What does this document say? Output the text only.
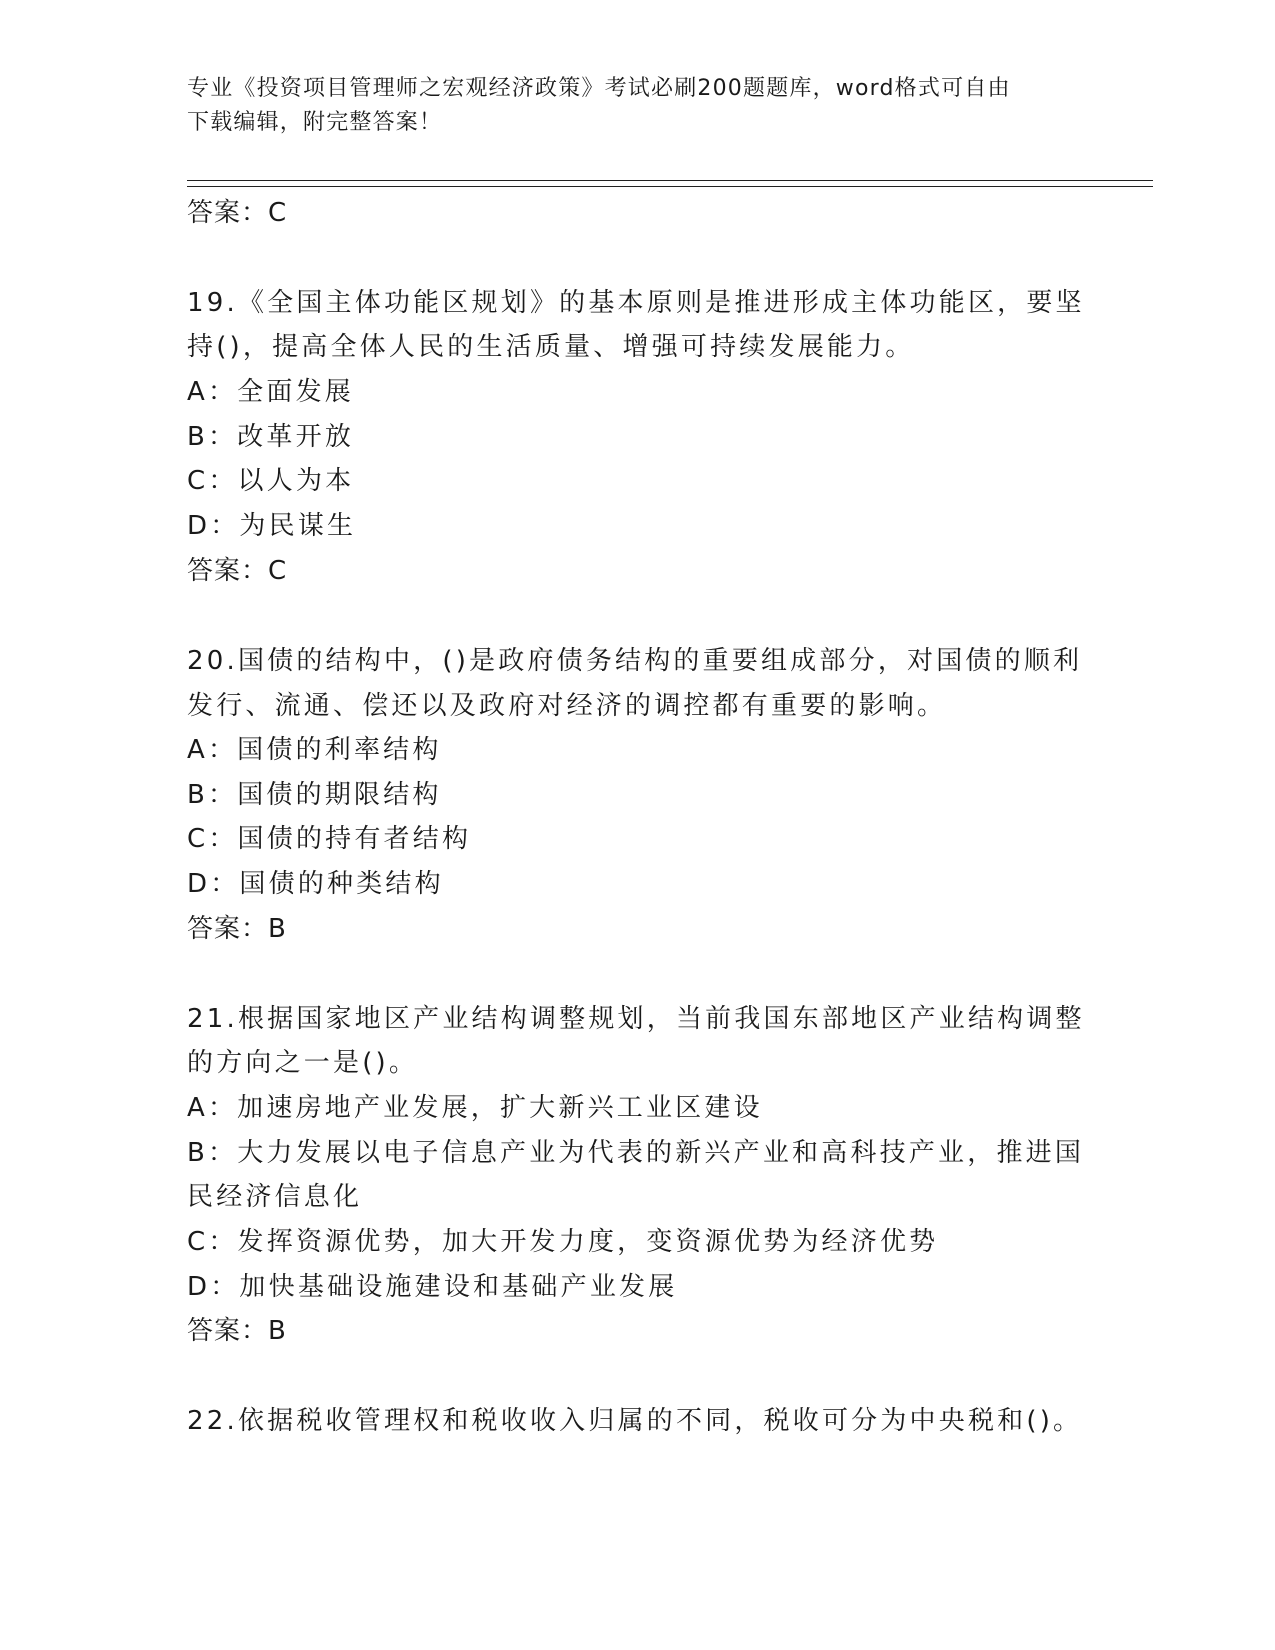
专业《投资项目管理师之宏观经济政策》考试必刷200题题库，word格式可自由
下载编辑，附完整答案！
答案：C
19.《全国主体功能区规划》的基本原则是推进形成主体功能区，要坚
持()，提高全体人民的生活质量、增强可持续发展能力。
A：全面发展
B：改革开放
C：以人为本
D：为民谋生
答案：C
20.国债的结构中，()是政府债务结构的重要组成部分，对国债的顺利
发行、流通、偿还以及政府对经济的调控都有重要的影响。
A：国债的利率结构
B：国债的期限结构
C：国债的持有者结构
D：国债的种类结构
答案：B
21.根据国家地区产业结构调整规划，当前我国东部地区产业结构调整
的方向之一是()。
A：加速房地产业发展，扩大新兴工业区建设
B：大力发展以电子信息产业为代表的新兴产业和高科技产业，推进国
民经济信息化
C：发挥资源优势，加大开发力度，变资源优势为经济优势
D：加快基础设施建设和基础产业发展
答案：B
22.依据税收管理权和税收收入归属的不同，税收可分为中央税和()。
